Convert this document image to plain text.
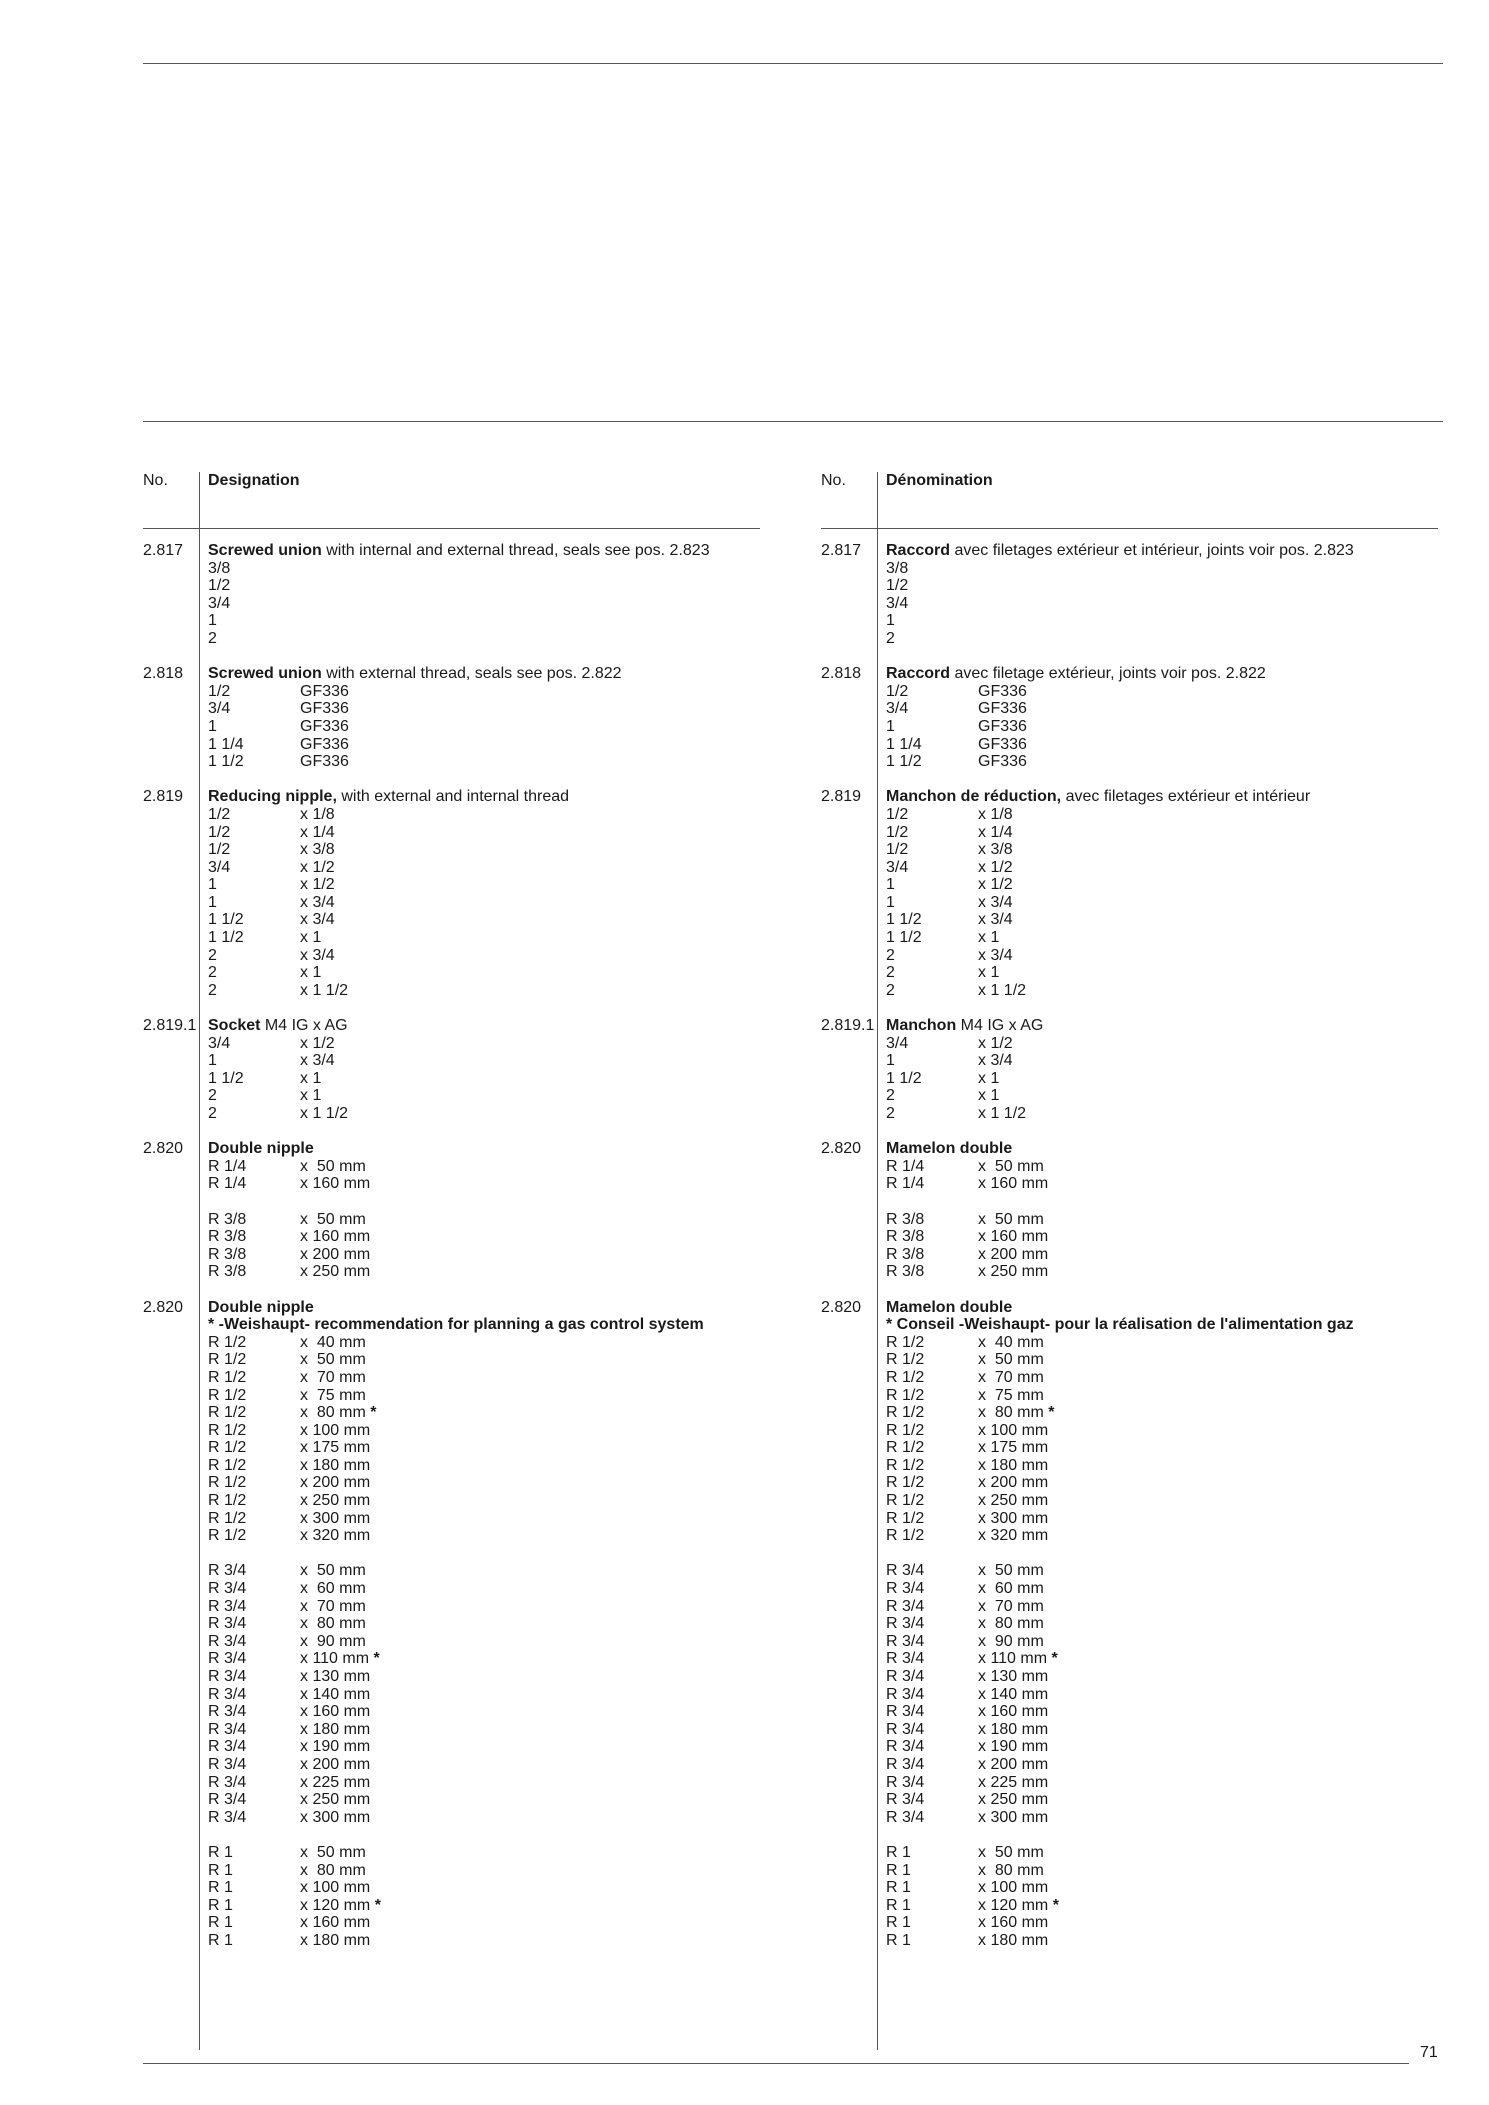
No.	Designation
2.817 Screwed union with internal and external thread, seals see pos. 2.823
3/8
1/2
3/4
1
2
2.818 Screwed union with external thread, seals see pos. 2.822
1/2	GF336
3/4	GF336
1	GF336
1 1/4	GF336
1 1/2	GF336
2.819 Reducing nipple, with external and internal thread
1/2	x 1/8
1/2	x 1/4
1/2	x 3/8
3/4	x 1/2
1	x 1/2
1	x 3/4
1 1/2	x 3/4
1 1/2	x 1
2	x 3/4
2	x 1
2	x 1 1/2
2.819.1 Socket M4 IG x AG
3/4	x 1/2
1	x 3/4
1 1/2	x 1
2	x 1
2	x 1 1/2
2.820 Double nipple
R 1/4	x  50 mm
R 1/4	x 160 mm
R 3/8	x  50 mm
R 3/8	x 160 mm
R 3/8	x 200 mm
R 3/8	x 250 mm
2.820 Double nipple
* -Weishaupt- recommendation for planning a gas control system
R 1/2	x  40 mm
R 1/2	x  50 mm
R 1/2	x  70 mm
R 1/2	x  75 mm
R 1/2	x  80 mm *
R 1/2	x 100 mm
R 1/2	x 175 mm
R 1/2	x 180 mm
R 1/2	x 200 mm
R 1/2	x 250 mm
R 1/2	x 300 mm
R 1/2	x 320 mm
R 3/4	x  50 mm
R 3/4	x  60 mm
R 3/4	x  70 mm
R 3/4	x  80 mm
R 3/4	x  90 mm
R 3/4	x 110 mm *
R 3/4	x 130 mm
R 3/4	x 140 mm
R 3/4	x 160 mm
R 3/4	x 180 mm
R 3/4	x 190 mm
R 3/4	x 200 mm
R 3/4	x 225 mm
R 3/4	x 250 mm
R 3/4	x 300 mm
R 1	x  50 mm
R 1	x  80 mm
R 1	x 100 mm
R 1	x 120 mm *
R 1	x 160 mm
R 1	x 180 mm
No.	Dénomination
2.817 Raccord avec filetages extérieur et intérieur, joints voir pos. 2.823
3/8
1/2
3/4
1
2
2.818 Raccord avec filetage extérieur, joints voir pos. 2.822
1/2	GF336
3/4	GF336
1	GF336
1 1/4	GF336
1 1/2	GF336
2.819 Manchon de réduction, avec filetages extérieur et intérieur
1/2	x 1/8
1/2	x 1/4
1/2	x 3/8
3/4	x 1/2
1	x 1/2
1	x 3/4
1 1/2	x 3/4
1 1/2	x 1
2	x 3/4
2	x 1
2	x 1 1/2
2.819.1 Manchon M4 IG x AG
3/4	x 1/2
1	x 3/4
1 1/2	x 1
2	x 1
2	x 1 1/2
2.820 Mamelon double
R 1/4	x  50 mm
R 1/4	x 160 mm
R 3/8	x  50 mm
R 3/8	x 160 mm
R 3/8	x 200 mm
R 3/8	x 250 mm
2.820 Mamelon double
* Conseil -Weishaupt- pour la réalisation de l'alimentation gaz
R 1/2	x  40 mm
R 1/2	x  50 mm
R 1/2	x  70 mm
R 1/2	x  75 mm
R 1/2	x  80 mm *
R 1/2	x 100 mm
R 1/2	x 175 mm
R 1/2	x 180 mm
R 1/2	x 200 mm
R 1/2	x 250 mm
R 1/2	x 300 mm
R 1/2	x 320 mm
R 3/4	x  50 mm
R 3/4	x  60 mm
R 3/4	x  70 mm
R 3/4	x  80 mm
R 3/4	x  90 mm
R 3/4	x 110 mm *
R 3/4	x 130 mm
R 3/4	x 140 mm
R 3/4	x 160 mm
R 3/4	x 180 mm
R 3/4	x 190 mm
R 3/4	x 200 mm
R 3/4	x 225 mm
R 3/4	x 250 mm
R 3/4	x 300 mm
R 1	x  50 mm
R 1	x  80 mm
R 1	x 100 mm
R 1	x 120 mm *
R 1	x 160 mm
R 1	x 180 mm
71
